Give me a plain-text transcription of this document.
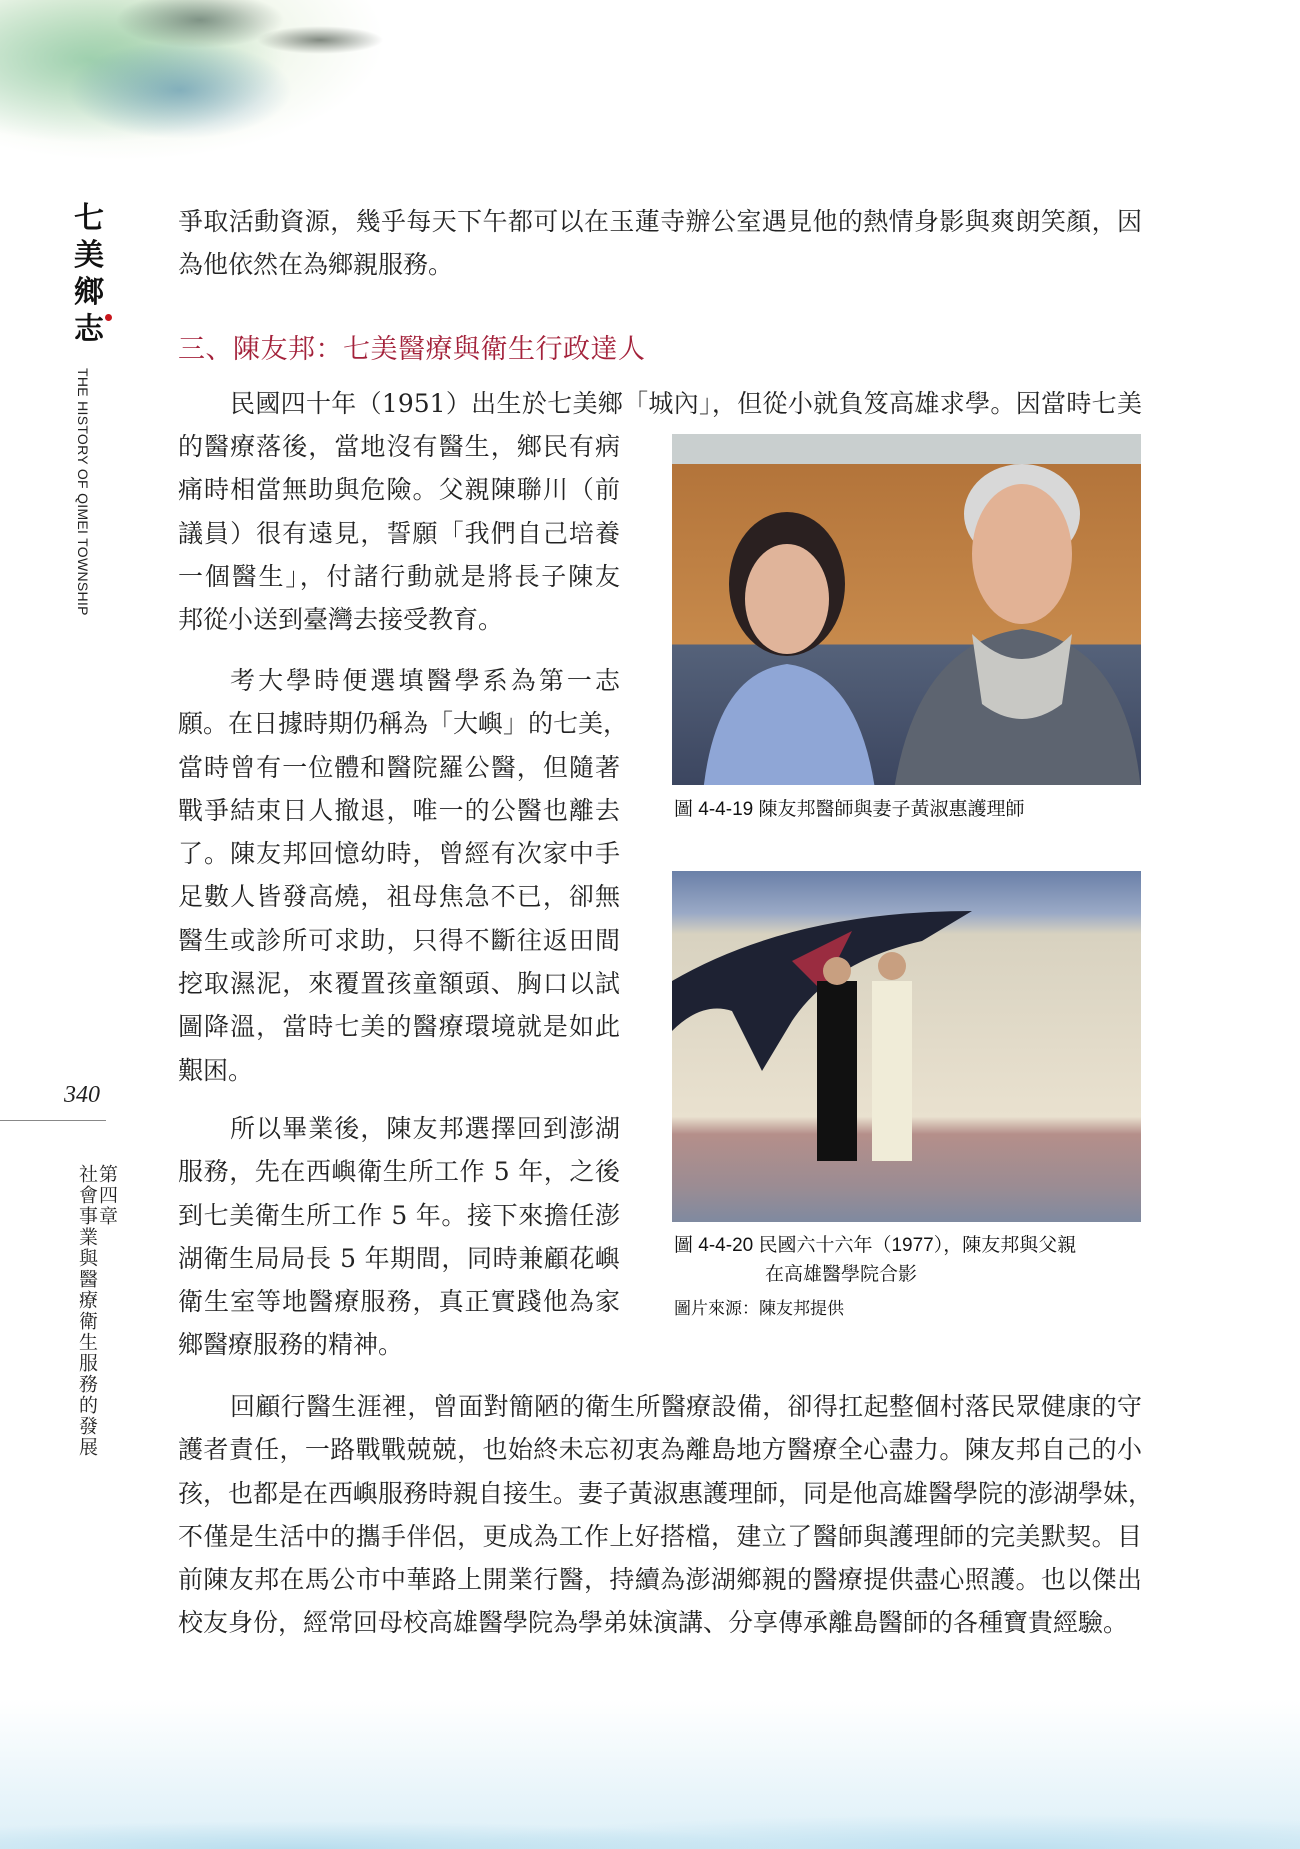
七
美
鄉
志
THE HISTORY OF QIMEI TOWNSHIP
340
第四章
社會事業與醫療衛生服務的發展
爭取活動資源，幾乎每天下午都可以在玉蓮寺辦公室遇見他的熱情身影與爽朗笑顏，因
為他依然在為鄉親服務。
三、陳友邦：七美醫療與衛生行政達人
民國四十年（1951）出生於七美鄉「城內」，但從小就負笈高雄求學。因當時七美
的醫療落後，當地沒有醫生，鄉民有病
痛時相當無助與危險。父親陳聯川（前
議員）很有遠見，誓願「我們自己培養
一個醫生」，付諸行動就是將長子陳友
邦從小送到臺灣去接受教育。
考大學時便選填醫學系為第一志
願。在日據時期仍稱為「大嶼」的七美，
當時曾有一位體和醫院羅公醫，但隨著
戰爭結束日人撤退，唯一的公醫也離去
了。陳友邦回憶幼時，曾經有次家中手
足數人皆發高燒，祖母焦急不已，卻無
醫生或診所可求助，只得不斷往返田間
挖取濕泥，來覆置孩童額頭、胸口以試
圖降溫，當時七美的醫療環境就是如此
艱困。
所以畢業後，陳友邦選擇回到澎湖
服務，先在西嶼衛生所工作 5 年，之後
到七美衛生所工作 5 年。接下來擔任澎
湖衛生局局長 5 年期間，同時兼顧花嶼
衛生室等地醫療服務，真正實踐他為家
鄉醫療服務的精神。
回顧行醫生涯裡，曾面對簡陋的衛生所醫療設備，卻得扛起整個村落民眾健康的守
護者責任，一路戰戰兢兢，也始終未忘初衷為離島地方醫療全心盡力。陳友邦自己的小
孩，也都是在西嶼服務時親自接生。妻子黃淑惠護理師，同是他高雄醫學院的澎湖學妹，
不僅是生活中的攜手伴侶，更成為工作上好搭檔，建立了醫師與護理師的完美默契。目
前陳友邦在馬公市中華路上開業行醫，持續為澎湖鄉親的醫療提供盡心照護。也以傑出
校友身份，經常回母校高雄醫學院為學弟妹演講、分享傳承離島醫師的各種寶貴經驗。
圖 4-4-19 陳友邦醫師與妻子黃淑惠護理師
圖 4-4-20 民國六十六年（1977），陳友邦與父親
在高雄醫學院合影
圖片來源：陳友邦提供
